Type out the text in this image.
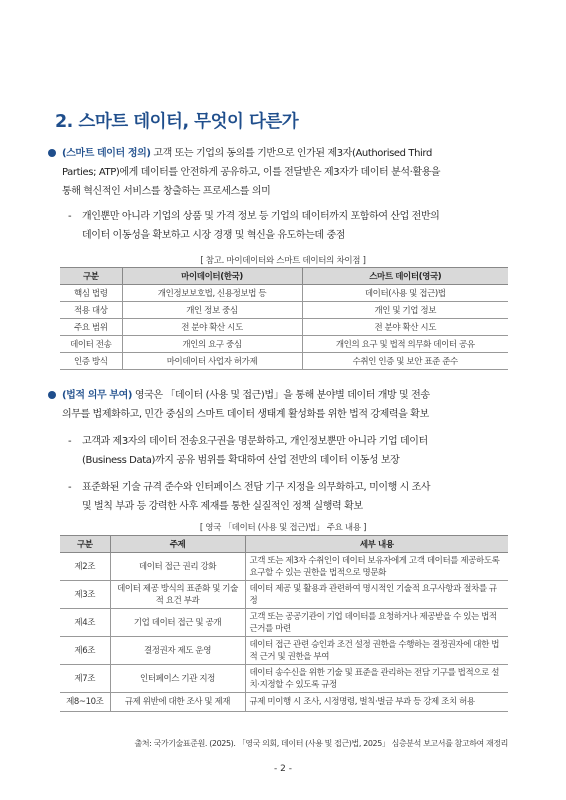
2. 스마트 데이터, 무엇이 다른가
(스마트 데이터 정의) 고객 또는 기업의 동의를 기반으로 인가된 제3자(Authorised Third
Parties; ATP)에게 데이터를 안전하게 공유하고, 이를 전달받은 제3자가 데이터 분석·활용을
통해 혁신적인 서비스를 창출하는 프로세스를 의미
- 개인뿐만 아니라 기업의 상품 및 가격 정보 등 기업의 데이터까지 포함하여 산업 전반의
데이터 이동성을 확보하고 시장 경쟁 및 혁신을 유도하는데 중점
[ 참고. 마이데이터와 스마트 데이터의 차이점 ]
구분	마이데이터(한국)	스마트 데이터(영국)
핵심 법령	개인정보보호법, 신용정보법 등	데이터(사용 및 접근)법
적용 대상	개인 정보 중심	개인 및 기업 정보
주요 범위	전 분야 확산 시도	전 분야 확산 시도
데이터 전송	개인의 요구 중심	개인의 요구 및 법적 의무화 데이터 공유
인증 방식	마이데이터 사업자 허가제	수취인 인증 및 보안 표준 준수
(법적 의무 부여) 영국은 「데이터 (사용 및 접근)법」을 통해 분야별 데이터 개방 및 전송
의무를 법제화하고, 민간 중심의 스마트 데이터 생태계 활성화를 위한 법적 강제력을 확보
- 고객과 제3자의 데이터 전송요구권을 명문화하고, 개인정보뿐만 아니라 기업 데이터
(Business Data)까지 공유 범위를 확대하여 산업 전반의 데이터 이동성 보장
- 표준화된 기술 규격 준수와 인터페이스 전담 기구 지정을 의무화하고, 미이행 시 조사
및 벌칙 부과 등 강력한 사후 제재를 통한 실질적인 정책 실행력 확보
[ 영국 「데이터 (사용 및 접근)법」 주요 내용 ]
구분	주제	세부 내용
제2조	데이터 접근 권리 강화	고객 또는 제3자 수취인이 데이터 보유자에게 고객 데이터를 제공하도록 요구할 수 있는 권한을 법적으로 명문화
제3조	데이터 제공 방식의 표준화 및 기술적 요건 부과	데이터 제공 및 활용과 관련하여 명시적인 기술적 요구사항과 절차를 규정
제4조	기업 데이터 접근 및 공개	고객 또는 공공기관이 기업 데이터를 요청하거나 제공받을 수 있는 법적 근거를 마련
제6조	결정권자 제도 운영	데이터 접근 관련 승인과 조건 설정 권한을 수행하는 결정권자에 대한 법적 근거 및 권한을 부여
제7조	인터페이스 기관 지정	데이터 송수신을 위한 기술 및 표준을 관리하는 전담 기구를 법적으로 설치·지정할 수 있도록 규정
제8~10조	규제 위반에 대한 조사 및 제재	규제 미이행 시 조사, 시정명령, 벌칙·벌금 부과 등 강제 조치 허용
출처: 국가기술표준원. (2025). 「영국 의회, 데이터 (사용 및 접근)법, 2025」 심층분석 보고서를 참고하여 재정리
- 2 -
